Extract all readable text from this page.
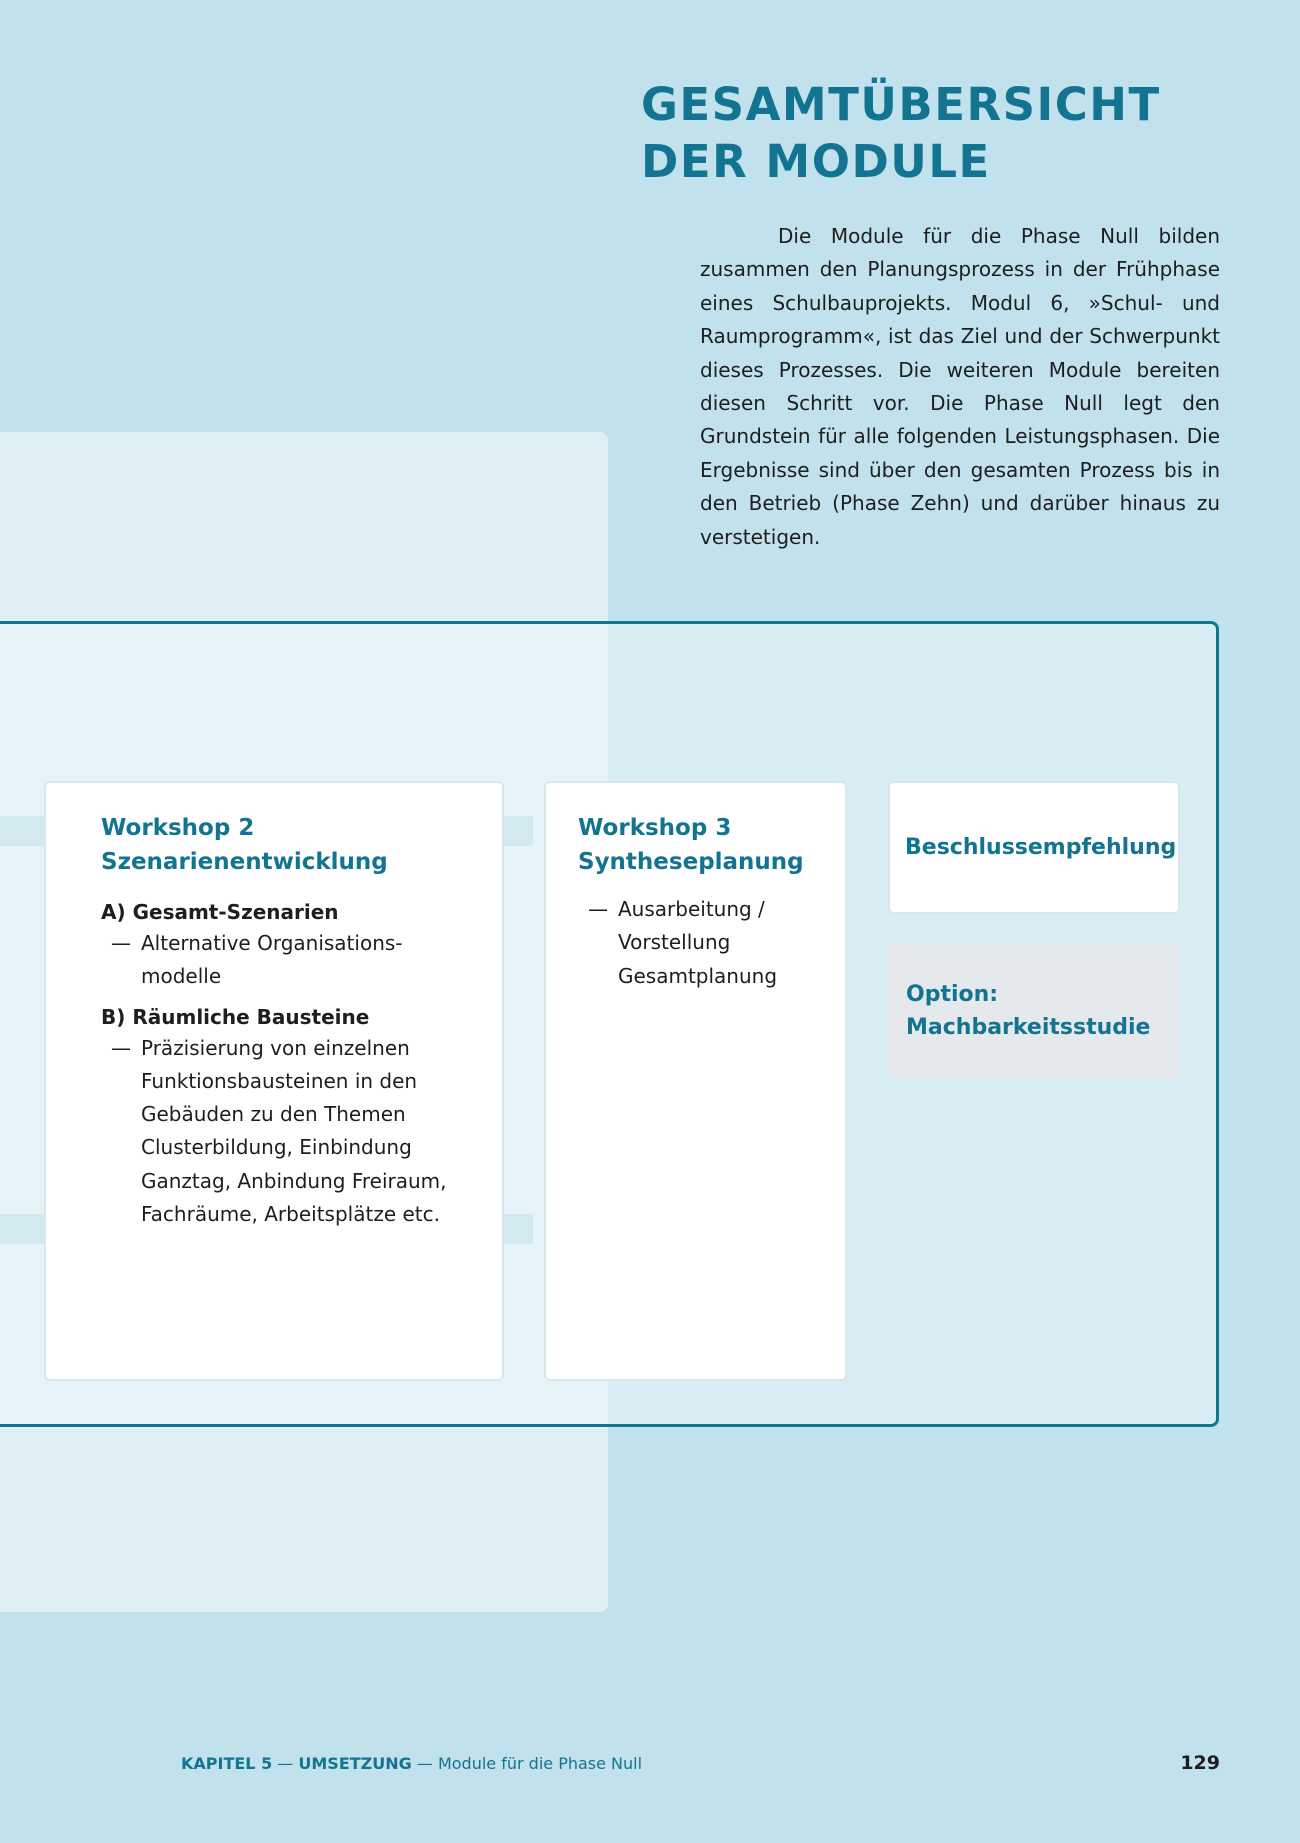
GESAMTÜBERSICHT
DER MODULE

Die Module für die Phase Null bilden zusammen den Planungsprozess in der Frühphase eines Schulbauprojekts. Modul 6, »Schul- und Raumprogramm«, ist das Ziel und der Schwerpunkt dieses Prozesses. Die weiteren Module bereiten diesen Schritt vor. Die Phase Null legt den Grundstein für alle folgenden Leistungsphasen. Die Ergebnisse sind über den gesamten Prozess bis in den Betrieb (Phase Zehn) und darüber hinaus zu verstetigen.

Workshop 2
Szenarienentwicklung

A) Gesamt-Szenarien

— Alternative Organisations-
modelle

B) Räumliche Bausteine

— Präzisierung von einzelnen
Funktionsbausteinen in den
Gebäuden zu den Themen
Clusterbildung, Einbindung
Ganztag, Anbindung Freiraum,
Fachräume, Arbeitsplätze etc.

Workshop 3
Syntheseplanung

— Ausarbeitung /
Vorstellung
Gesamtplanung

Beschlussempfehlung
Option:
Machbarkeitsstudie
KAPITEL 5 — UMSETZUNG — Module für die Phase Null	129
